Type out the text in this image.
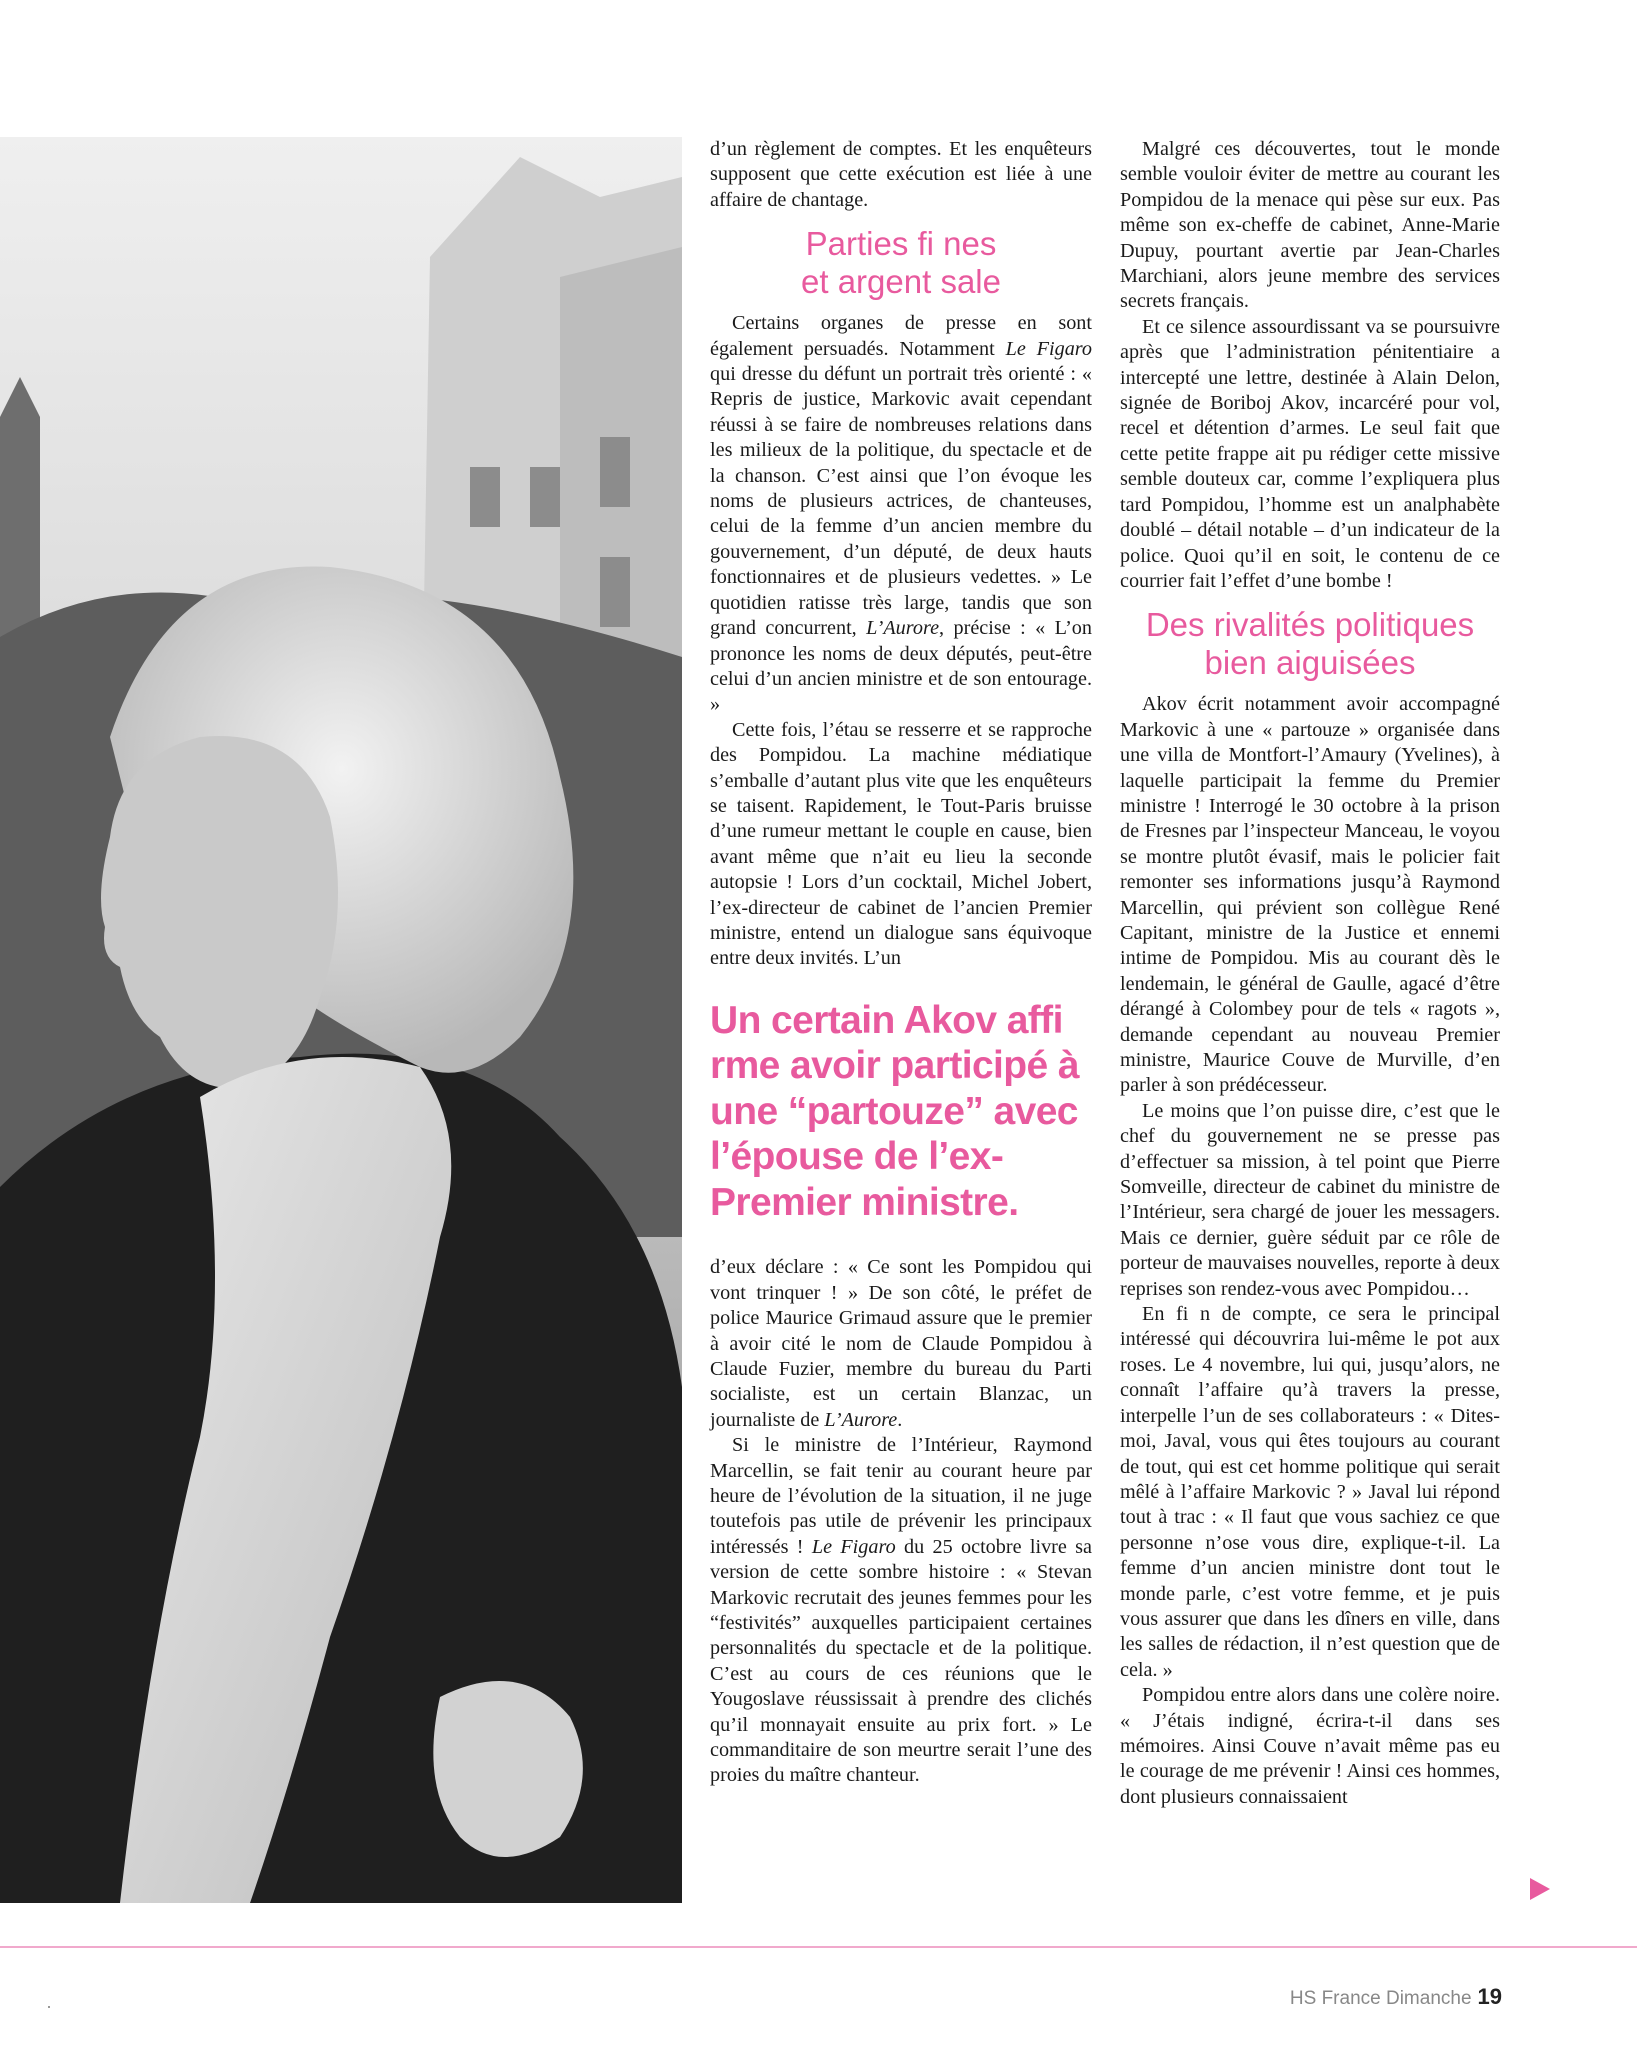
d’un règlement de comptes. Et les enquêteurs supposent que cette exécution est liée à une affaire de chantage.

Parties fi nes
et argent sale

Certains organes de presse en sont également persuadés. Notamment Le Figaro qui dresse du défunt un portrait très orienté : « Repris de justice, Markovic avait cependant réussi à se faire de nombreuses relations dans les milieux de la politique, du spectacle et de la chanson. C’est ainsi que l’on évoque les noms de plusieurs actrices, de chanteuses, celui de la femme d’un ancien membre du gouvernement, d’un député, de deux hauts fonctionnaires et de plusieurs vedettes. » Le quotidien ratisse très large, tandis que son grand concurrent, L’Aurore, précise : « L’on prononce les noms de deux députés, peut-être celui d’un ancien ministre et de son entourage. »

Cette fois, l’étau se resserre et se rapproche des Pompidou. La machine médiatique s’emballe d’autant plus vite que les enquêteurs se taisent. Rapidement, le Tout-Paris bruisse d’une rumeur mettant le couple en cause, bien avant même que n’ait eu lieu la seconde autopsie ! Lors d’un cocktail, Michel Jobert, l’ex-directeur de cabinet de l’ancien Premier ministre, entend un dialogue sans équivoque entre deux invités. L’un

Un certain Akov affi rme avoir participé à une “partouze” avec l’épouse de l’ex-Premier ministre.

d’eux déclare : « Ce sont les Pompidou qui vont trinquer ! » De son côté, le préfet de police Maurice Grimaud assure que le premier à avoir cité le nom de Claude Pompidou à Claude Fuzier, membre du bureau du Parti socialiste, est un certain Blanzac, un journaliste de L’Aurore.

Si le ministre de l’Intérieur, Raymond Marcellin, se fait tenir au courant heure par heure de l’évolution de la situation, il ne juge toutefois pas utile de prévenir les principaux intéressés ! Le Figaro du 25 octobre livre sa version de cette sombre histoire : « Stevan Markovic recrutait des jeunes femmes pour les “festivités” auxquelles participaient certaines personnalités du spectacle et de la politique. C’est au cours de ces réunions que le Yougoslave réussissait à prendre des clichés qu’il monnayait ensuite au prix fort. » Le commanditaire de son meurtre serait l’une des proies du maître chanteur.

Malgré ces découvertes, tout le monde semble vouloir éviter de mettre au courant les Pompidou de la menace qui pèse sur eux. Pas même son ex-cheffe de cabinet, Anne-Marie Dupuy, pourtant avertie par Jean-Charles Marchiani, alors jeune membre des services secrets français.

Et ce silence assourdissant va se poursuivre après que l’administration pénitentiaire a intercepté une lettre, destinée à Alain Delon, signée de Boriboj Akov, incarcéré pour vol, recel et détention d’armes. Le seul fait que cette petite frappe ait pu rédiger cette missive semble douteux car, comme l’expliquera plus tard Pompidou, l’homme est un analphabète doublé – détail notable – d’un indicateur de la police. Quoi qu’il en soit, le contenu de ce courrier fait l’effet d’une bombe !

Des rivalités politiques
bien aiguisées

Akov écrit notamment avoir accompagné Markovic à une « partouze » organisée dans une villa de Montfort-l’Amaury (Yvelines), à laquelle participait la femme du Premier ministre ! Interrogé le 30 octobre à la prison de Fresnes par l’inspecteur Manceau, le voyou se montre plutôt évasif, mais le policier fait remonter ses informations jusqu’à Raymond Marcellin, qui prévient son collègue René Capitant, ministre de la Justice et ennemi intime de Pompidou. Mis au courant dès le lendemain, le général de Gaulle, agacé d’être dérangé à Colombey pour de tels « ragots », demande cependant au nouveau Premier ministre, Maurice Couve de Murville, d’en parler à son prédécesseur.

Le moins que l’on puisse dire, c’est que le chef du gouvernement ne se presse pas d’effectuer sa mission, à tel point que Pierre Somveille, directeur de cabinet du ministre de l’Intérieur, sera chargé de jouer les messagers. Mais ce dernier, guère séduit par ce rôle de porteur de mauvaises nouvelles, reporte à deux reprises son rendez-vous avec Pompidou…

En fi n de compte, ce sera le principal intéressé qui découvrira lui-même le pot aux roses. Le 4 novembre, lui qui, jusqu’alors, ne connaît l’affaire qu’à travers la presse, interpelle l’un de ses collaborateurs : « Dites-moi, Javal, vous qui êtes toujours au courant de tout, qui est cet homme politique qui serait mêlé à l’affaire Markovic ? » Javal lui répond tout à trac : « Il faut que vous sachiez ce que personne n’ose vous dire, explique-t-il. La femme d’un ancien ministre dont tout le monde parle, c’est votre femme, et je puis vous assurer que dans les dîners en ville, dans les salles de rédaction, il n’est question que de cela. »

Pompidou entre alors dans une colère noire. « J’étais indigné, écrira-t-il dans ses mémoires. Ainsi Couve n’avait même pas eu le courage de me prévenir ! Ainsi ces hommes, dont plusieurs connaissaient

HS France Dimanche 19
